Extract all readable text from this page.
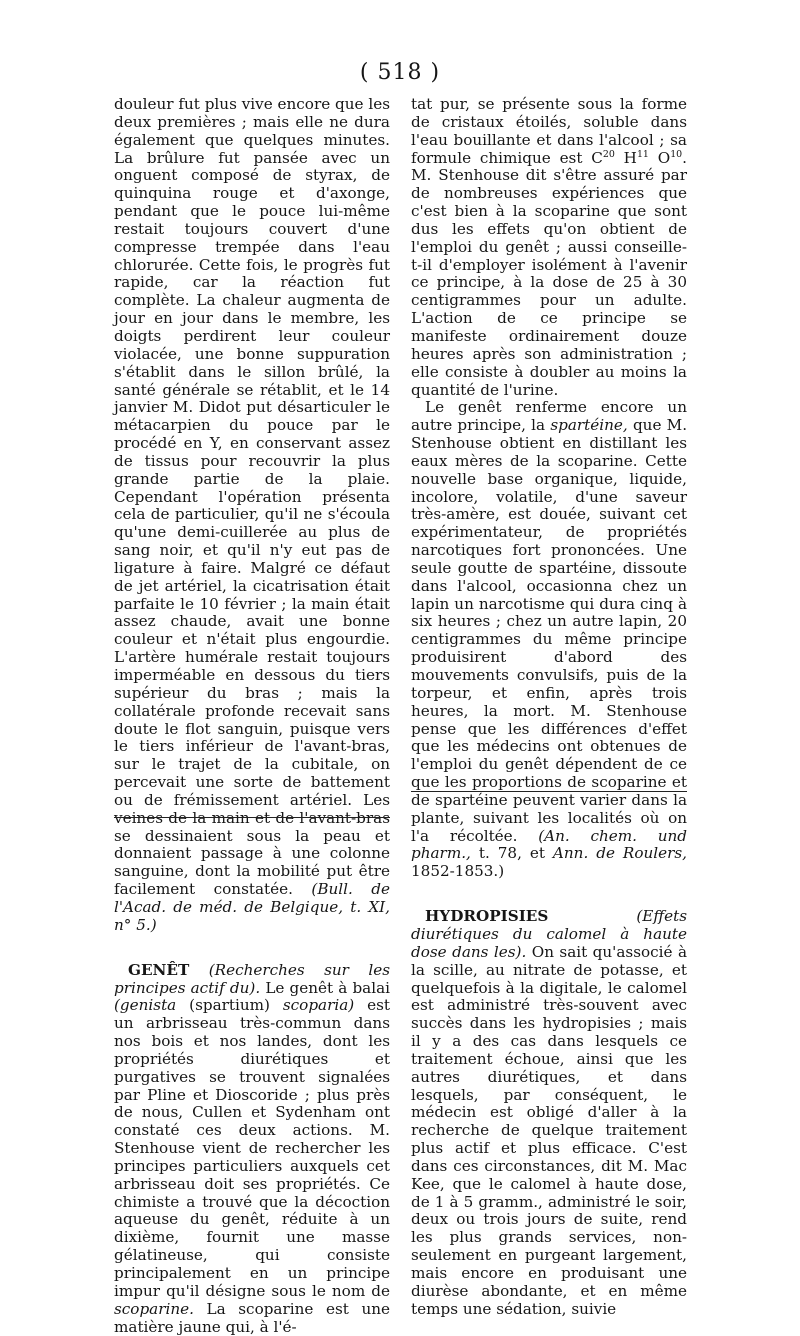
( 518 )

douleur fut plus vive encore que les deux premières ; mais elle ne dura également que quelques minutes. La brûlure fut pansée avec un onguent composé de styrax, de quinquina rouge et d'axonge, pendant que le pouce lui-même restait toujours couvert d'une compresse trempée dans l'eau chlorurée. Cette fois, le progrès fut rapide, car la réaction fut complète. La chaleur augmenta de jour en jour dans le membre, les doigts perdirent leur couleur violacée, une bonne suppuration s'établit dans le sillon brûlé, la santé générale se rétablit, et le 14 janvier M. Didot put désarticuler le métacarpien du pouce par le procédé en Y, en conservant assez de tissus pour recouvrir la plus grande partie de la plaie. Cependant l'opération présenta cela de particulier, qu'il ne s'écoula qu'une demi-cuillerée au plus de sang noir, et qu'il n'y eut pas de ligature à faire. Malgré ce défaut de jet artériel, la cicatrisation était parfaite le 10 février ; la main était assez chaude, avait une bonne couleur et n'était plus engourdie. L'artère humérale restait toujours imperméable en dessous du tiers supérieur du bras ; mais la collatérale profonde recevait sans doute le flot sanguin, puisque vers le tiers inférieur de l'avant-bras, sur le trajet de la cubitale, on percevait une sorte de battement ou de frémissement artériel. Les veines de la main et de l'avant-bras se dessinaient sous la peau et donnaient passage à une colonne sanguine, dont la mobilité put être facilement constatée. (Bull. de l'Acad. de méd. de Belgique, t. XI, n° 5.)

GENÊT (Recherches sur les principes actif du). Le genêt à balai (genista (spartium) scoparia) est un arbrisseau très-commun dans nos bois et nos landes, dont les propriétés diurétiques et purgatives se trouvent signalées par Pline et Dioscoride ; plus près de nous, Cullen et Sydenham ont constaté ces deux actions. M. Stenhouse vient de rechercher les principes particuliers auxquels cet arbrisseau doit ses propriétés. Ce chimiste a trouvé que la décoction aqueuse du genêt, réduite à un dixième, fournit une masse gélatineuse, qui consiste principalement en un principe impur qu'il désigne sous le nom de scoparine. La scoparine est une matière jaune qui, à l'é-

tat pur, se présente sous la forme de cristaux étoilés, soluble dans l'eau bouillante et dans l'alcool ; sa formule chimique est $C^{20}$ $H^{11}$ $O^{10}$. M. Stenhouse dit s'être assuré par de nombreuses expériences que c'est bien à la scoparine que sont dus les effets qu'on obtient de l'emploi du genêt ; aussi conseille-t-il d'employer isolément à l'avenir ce principe, à la dose de 25 à 30 centigrammes pour un adulte. L'action de ce principe se manifeste ordinairement douze heures après son administration ; elle consiste à doubler au moins la quantité de l'urine.

Le genêt renferme encore un autre principe, la spartéine, que M. Stenhouse obtient en distillant les eaux mères de la scoparine. Cette nouvelle base organique, liquide, incolore, volatile, d'une saveur très-amère, est douée, suivant cet expérimentateur, de propriétés narcotiques fort prononcées. Une seule goutte de spartéine, dissoute dans l'alcool, occasionna chez un lapin un narcotisme qui dura cinq à six heures ; chez un autre lapin, 20 centigrammes du même principe produisirent d'abord des mouvements convulsifs, puis de la torpeur, et enfin, après trois heures, la mort. M. Stenhouse pense que les différences d'effet que les médecins ont obtenues de l'emploi du genêt dépendent de ce que les proportions de scoparine et de spartéine peuvent varier dans la plante, suivant les localités où on l'a récoltée. (An. chem. und pharm., t. 78, et Ann. de Roulers, 1852-1853.)

HYDROPISIES	(Effets diurétiques du calomel à haute dose dans les). On sait qu'associé à la scille, au nitrate de potasse, et quelquefois à la digitale, le calomel est administré très-souvent avec succès dans les hydropisies ; mais il y a des cas dans lesquels ce traitement échoue, ainsi que les autres diurétiques, et dans lesquels, par conséquent, le médecin est obligé d'aller à la recherche de quelque traitement plus actif et plus efficace. C'est dans ces circonstances, dit M. Mac Kee, que le calomel à haute dose, de 1 à 5 gramm., administré le soir, deux ou trois jours de suite, rend les plus grands services, non-seulement en purgeant largement, mais encore en produisant une diurèse abondante, et en même temps une sédation, suivie
